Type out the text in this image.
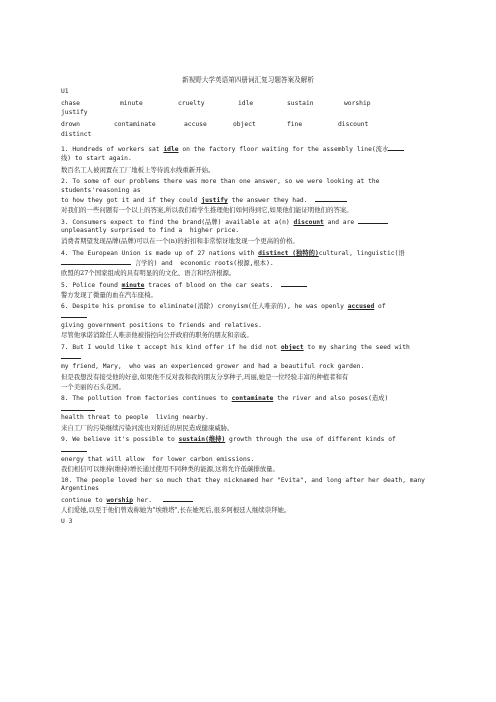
新视野大学英语第四册词汇复习题答案及解析
U1
chase	minute	cruelty	idle	sustain	worship
justify
drown	contaminate	accuse	object	fine	discount
distinct
1. Hundreds of workers sat idle on the factory floor waiting for the assembly line(流水
线) to start again.
数百名工人被闲置在工厂地板上等待流水线重新开始。
2. To some of our problems there was more than one answer, so we were looking at the
students'reasoning as
to how they got it and if they could justify the answer they had.
对我们的一些问题有一个以上的答案,所以我们看学生推理他们如何得到它,如果他们能证明他们的答案。
3. Consumers expect to find the brand(品牌) available at a(n) discount and are
unpleasantly surprised to find a  higher price.
消费者期望发现品牌(品牌)可以在一个(n)的折扣和非常惊讶地发现一个更高的价格。
4. The European Union is made up of 27 nations with distinct (独特的)cultural, linguistic(语
言学的) and  economic roots(根源,根本).
欧盟的27个国家组成的具有明显的的文化、语言和经济根源。
5. Police found minute traces of blood on the car seats.
警方发现了微量的血在汽车座椅。
6. Despite his promise to eliminate(消除) cronyism(任人唯亲的), he was openly accused of
giving government positions to friends and relatives.
尽管他承诺消除任人唯亲他被指控向公开政府的职务的朋友和亲戚。
7. But I would like t accept his kind offer if he did not object to my sharing the seed with
my friend, Mary,  who was an experienced grower and had a beautiful rock garden.
但是我想没有接受他的好意,如果他不反对我和我的朋友分享种子,玛丽,她是一位经验丰富的种植者和有
一个美丽的石头花园。
8. The pollution from factories continues to contaminate the river and also poses(造成)
health threat to people  living nearby.
来自工厂的污染继续污染河流也对附近的居民造成健康威胁。
9. We believe it's possible to sustain(维持) growth through the use of different kinds of
energy that will allow  for lower carbon emissions.
我们相信可以维持(维持)增长通过使用不同种类的能源,这将允许低碳排放量。
10. The people loved her so much that they nicknamed her "Evita", and long after her death, many Argentines
continue to worship her.
人们爱她,以至于他们曾戏称她为"埃维塔",长在她死后,很多阿根廷人继续崇拜她。
U 3
